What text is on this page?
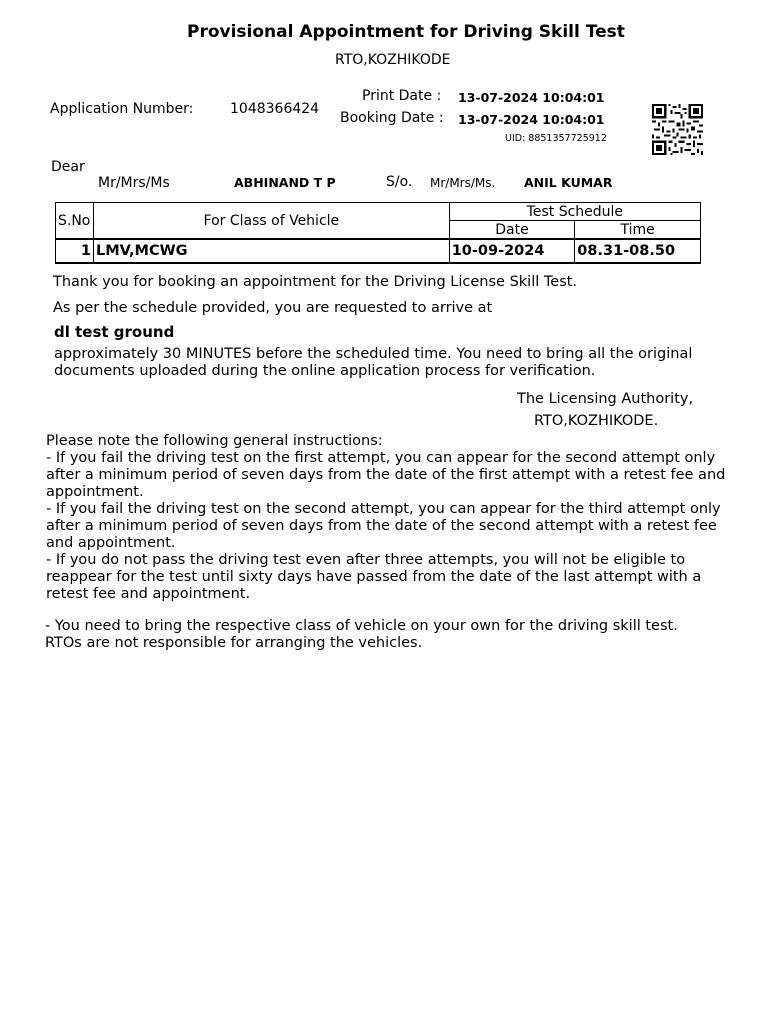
Provisional Appointment for Driving Skill Test
RTO,KOZHIKODE
Application Number:	1048366424
Print Date : 13-07-2024 10:04:01
Booking Date : 13-07-2024 10:04:01
UID: 8851357725912
Dear
Mr/Mrs/Ms	ABHINAND T P	S/o. Mr/Mrs/Ms. ANIL KUMAR
S.No	For Class of Vehicle	Test Schedule	
		Date	Time
1	LMV,MCWG	10-09-2024	08.31-08.50
Thank you for booking an appointment for the Driving License Skill Test.
As per the schedule provided, you are requested to arrive at
dl test ground
approximately 30 MINUTES before the scheduled time. You need to bring all the original documents uploaded during the online application process for verification.
The Licensing Authority,
RTO,KOZHIKODE.
Please note the following general instructions:
- If you fail the driving test on the first attempt, you can appear for the second attempt only after a minimum period of seven days from the date of the first attempt with a retest fee and appointment.
- If you fail the driving test on the second attempt, you can appear for the third attempt only after a minimum period of seven days from the date of the second attempt with a retest fee and appointment.
- If you do not pass the driving test even after three attempts, you will not be eligible to reappear for the test until sixty days have passed from the date of the last attempt with a retest fee and appointment.
- You need to bring the respective class of vehicle on your own for the driving skill test. RTOs are not responsible for arranging the vehicles.
